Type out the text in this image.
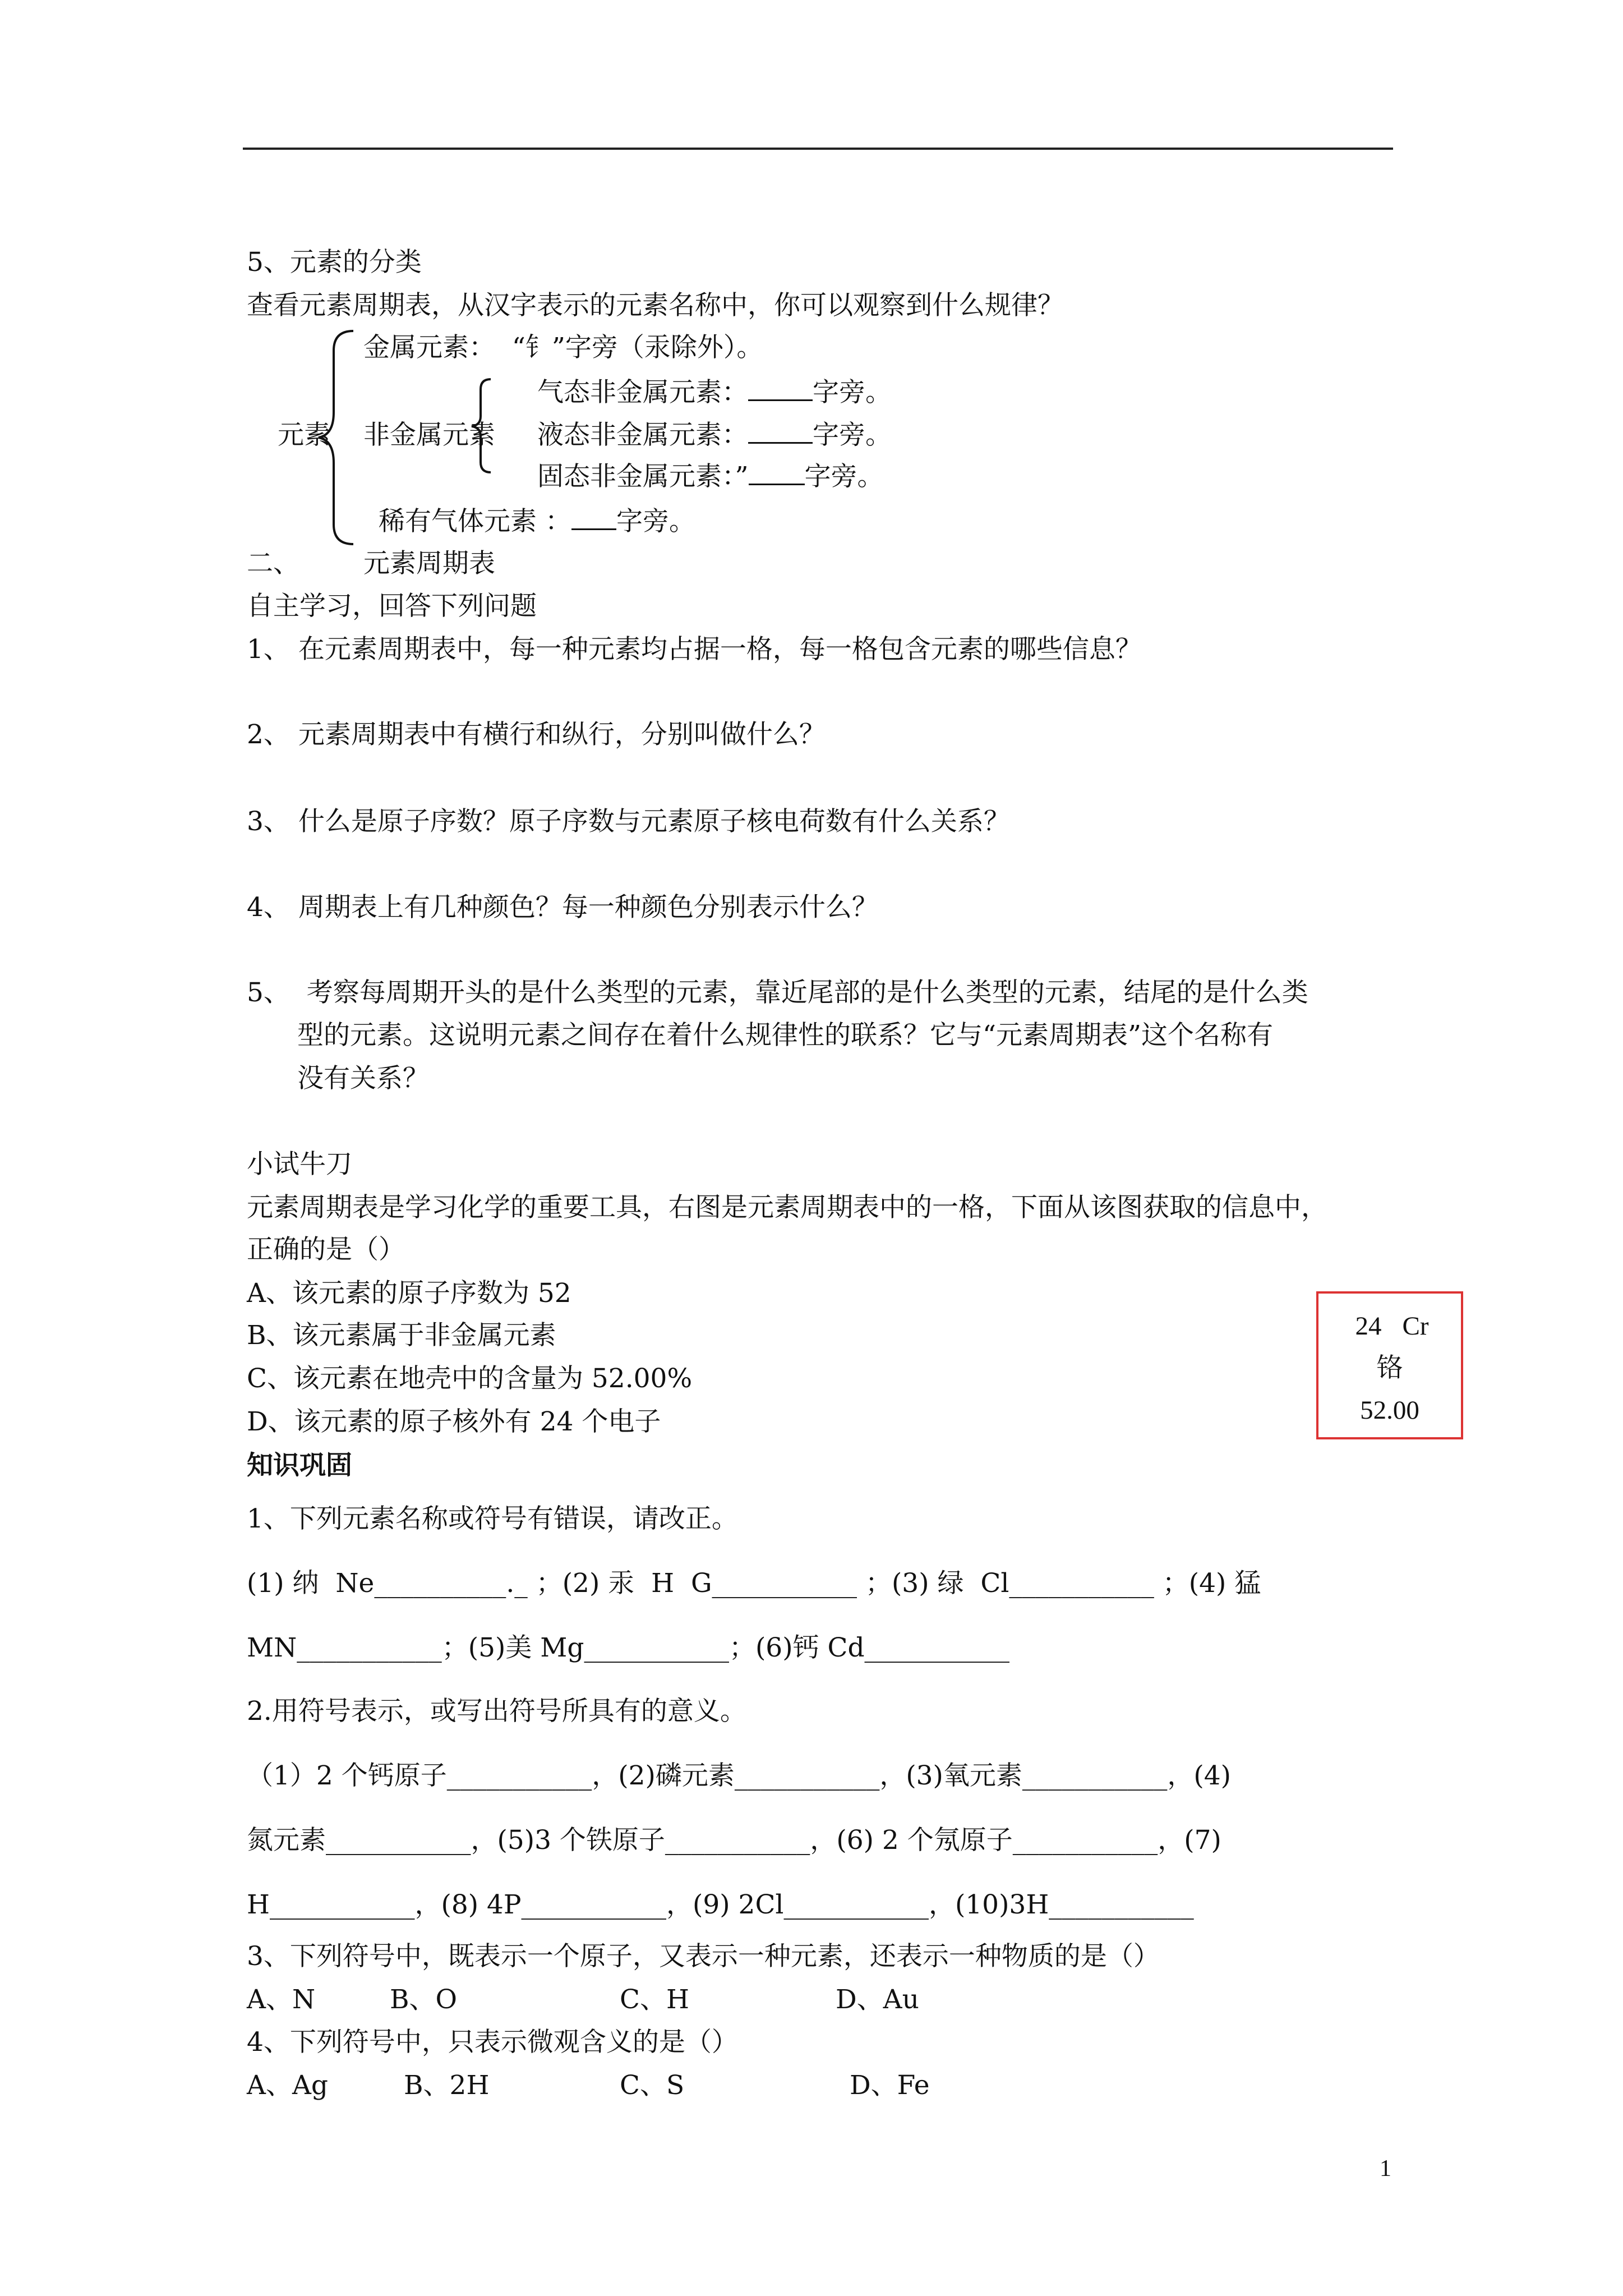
5、元素的分类
查看元素周期表，从汉字表示的元素名称中，你可以观察到什么规律？
元素
金属元素：  “钅”字旁（汞除外）。
非金属元素
气态非金属元素： 字旁。
液态非金属元素： 字旁。
固态非金属元素：” 字旁。
稀有气体元素 ： 字旁。
二、 元素周期表
自主学习，回答下列问题
1、 在元素周期表中，每一种元素均占据一格，每一格包含元素的哪些信息？
2、 元素周期表中有横行和纵行，分别叫做什么？
3、 什么是原子序数？原子序数与元素原子核电荷数有什么关系？
4、 周期表上有几种颜色？每一种颜色分别表示什么？
5、  考察每周期开头的是什么类型的元素，靠近尾部的是什么类型的元素，结尾的是什么类
型的元素。这说明元素之间存在着什么规律性的联系？它与“元素周期表”这个名称有
没有关系？
小试牛刀
元素周期表是学习化学的重要工具，右图是元素周期表中的一格，下面从该图获取的信息中，
正确的是（）
A、该元素的原子序数为 52
B、该元素属于非金属元素
C、该元素在地壳中的含量为 52.00%
D、该元素的原子核外有 24 个电子
24 Cr
铬
52.00
知识巩固
1、下列元素名称或符号有错误，请改正。
(1) 纳  Ne__________._ ；(2) 汞  H  G___________ ；(3) 绿  Cl___________ ；(4) 猛
MN___________；(5)美 Mg___________；(6)钙 Cd___________
2.用符号表示，或写出符号所具有的意义。
（1）2 个钙原子___________，(2)磷元素___________，(3)氧元素___________，(4)
氮元素___________，(5)3 个铁原子___________，(6) 2 个氖原子___________，(7)
H___________，(8) 4P___________，(9) 2Cl___________，(10)3H___________
3、下列符号中，既表示一个原子，又表示一种元素，还表示一种物质的是（）
A、N	B、O	C、H	D、Au
4、下列符号中，只表示微观含义的是（）
A、Ag	B、2H	C、S	D、Fe
1
